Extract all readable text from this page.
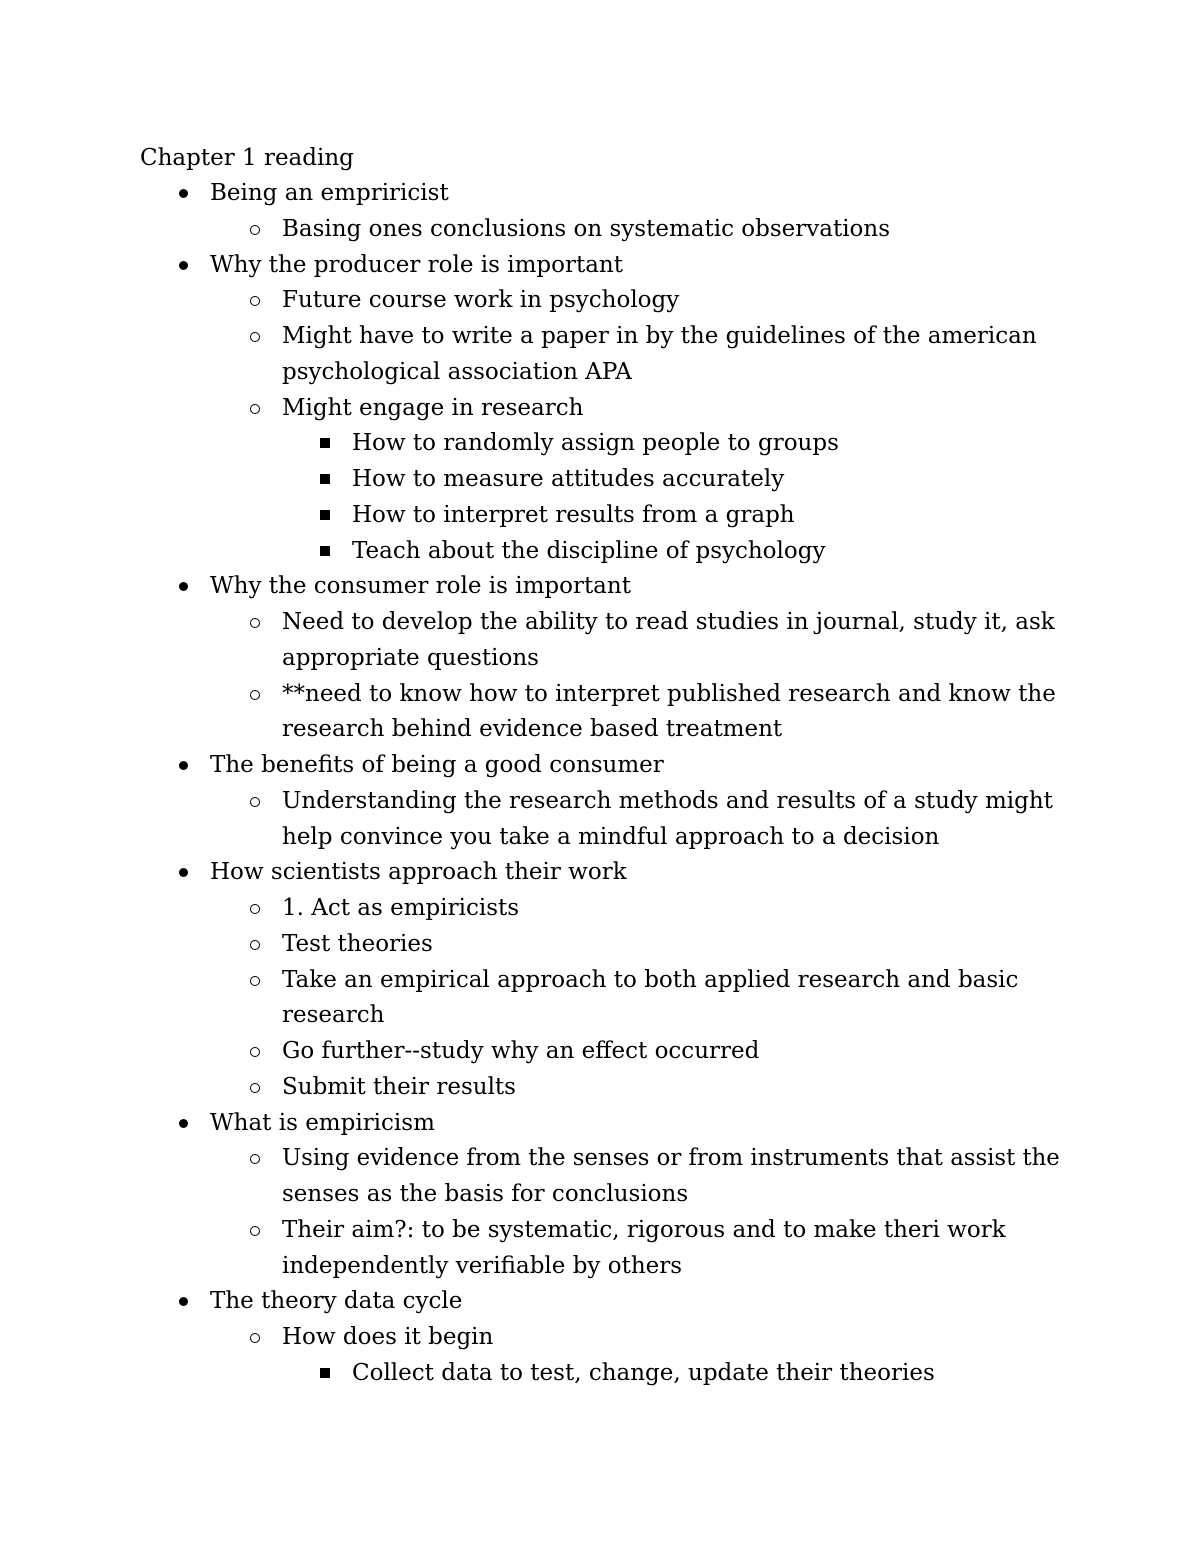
Chapter 1 reading
Being an empriricist
Basing ones conclusions on systematic observations
Why the producer role is important
Future course work in psychology
Might have to write a paper in by the guidelines of the american
psychological association APA
Might engage in research
How to randomly assign people to groups
How to measure attitudes accurately
How to interpret results from a graph
Teach about the discipline of psychology
Why the consumer role is important
Need to develop the ability to read studies in journal, study it, ask
appropriate questions
**need to know how to interpret published research and know the
research behind evidence based treatment
The benefits of being a good consumer
Understanding the research methods and results of a study might
help convince you take a mindful approach to a decision
How scientists approach their work
1. Act as empiricists
Test theories
Take an empirical approach to both applied research and basic
research
Go further--study why an effect occurred
Submit their results
What is empiricism
Using evidence from the senses or from instruments that assist the
senses as the basis for conclusions
Their aim?: to be systematic, rigorous and to make theri work
independently verifiable by others
The theory data cycle
How does it begin
Collect data to test, change, update their theories
